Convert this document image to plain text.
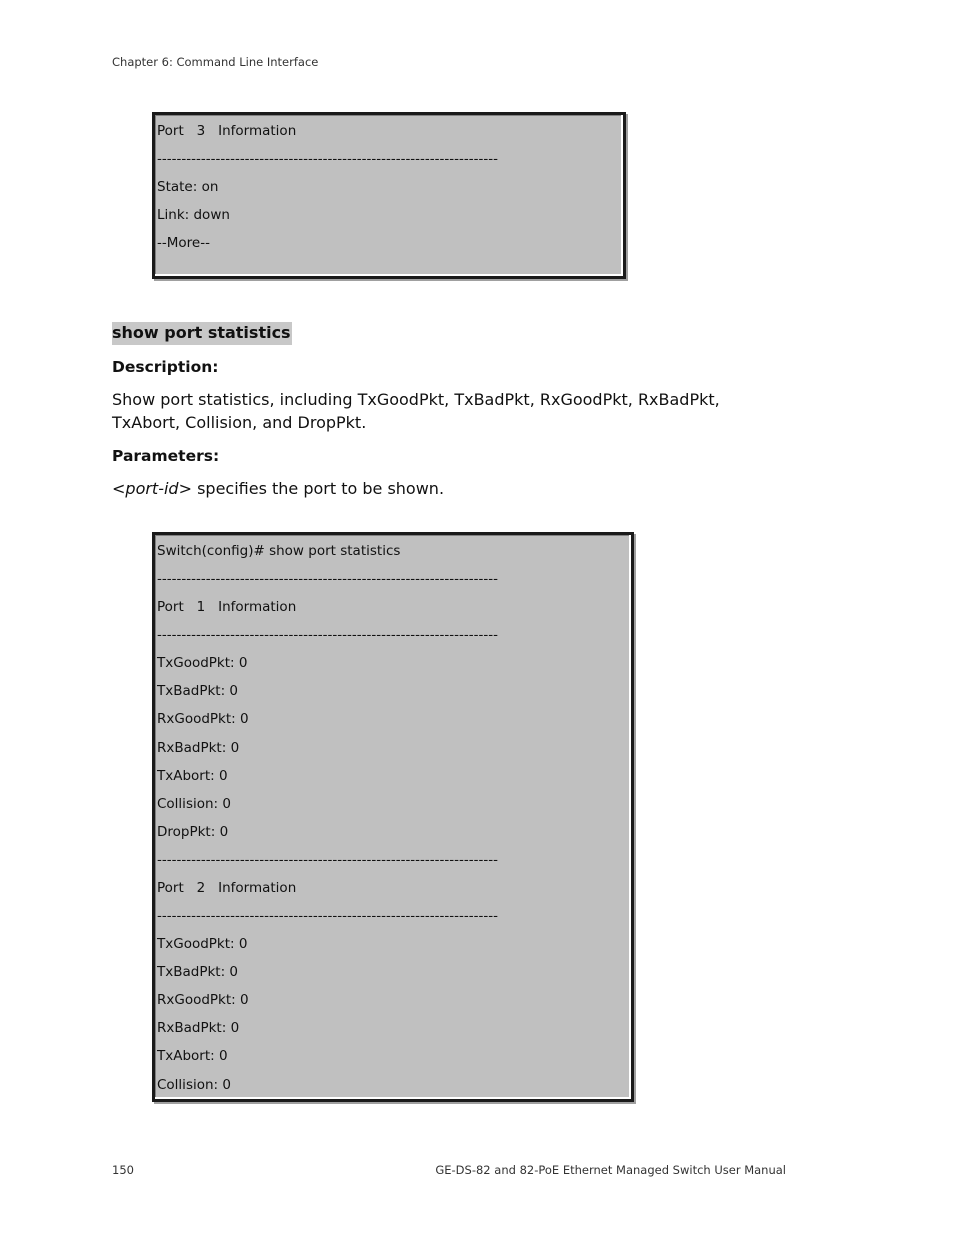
Chapter 6: Command Line Interface
Port   3   Information
----------------------------------------------------------------------
State: on
Link: down
--More--
show port statistics
Description:
Show port statistics, including TxGoodPkt, TxBadPkt, RxGoodPkt, RxBadPkt, TxAbort, Collision, and DropPkt.
Parameters:
<port-id> specifies the port to be shown.
Switch(config)# show port statistics
----------------------------------------------------------------------
Port   1   Information
----------------------------------------------------------------------
TxGoodPkt: 0
TxBadPkt: 0
RxGoodPkt: 0
RxBadPkt: 0
TxAbort: 0
Collision: 0
DropPkt: 0
----------------------------------------------------------------------
Port   2   Information
----------------------------------------------------------------------
TxGoodPkt: 0
TxBadPkt: 0
RxGoodPkt: 0
RxBadPkt: 0
TxAbort: 0
Collision: 0
150	GE-DS-82 and 82-PoE Ethernet Managed Switch User Manual
